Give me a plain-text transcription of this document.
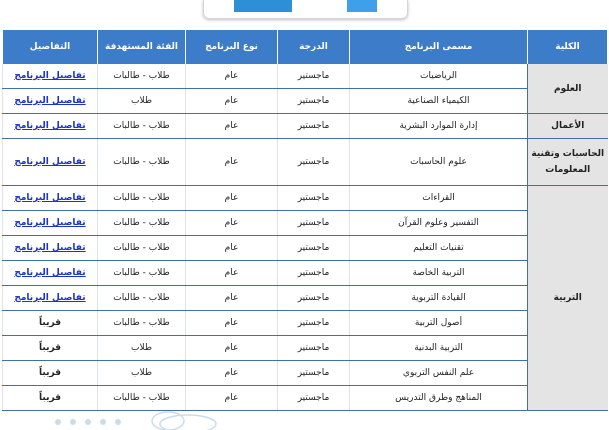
الكلية	مسمى البرنامج	الدرجة	نوع البرنامج	الفئة المستهدفة	التفاصيل
العلوم	الرياضيات	ماجستير	عام	طلاب - طالبات	تفاصيل البرنامج
	الكيمياء الصناعية	ماجستير	عام	طلاب	تفاصيل البرنامج
الأعمال	إدارة الموارد البشرية	ماجستير	عام	طلاب - طالبات	تفاصيل البرنامج
الحاسبات وتقنية المعلومات	علوم الحاسبات	ماجستير	عام	طلاب - طالبات	تفاصيل البرنامج
التربية	القراءات	ماجستير	عام	طلاب - طالبات	تفاصيل البرنامج
	التفسير وعلوم القرآن	ماجستير	عام	طلاب - طالبات	تفاصيل البرنامج
	تقنيات التعليم	ماجستير	عام	طلاب - طالبات	تفاصيل البرنامج
	التربية الخاصة	ماجستير	عام	طلاب - طالبات	تفاصيل البرنامج
	القيادة التربوية	ماجستير	عام	طلاب - طالبات	تفاصيل البرنامج
	أصول التربية	ماجستير	عام	طلاب - طالبات	قريباً
	التربية البدنية	ماجستير	عام	طلاب	قريباً
	علم النفس التربوي	ماجستير	عام	طلاب	قريباً
	المناهج وطرق التدريس	ماجستير	عام	طلاب - طالبات	قريباً
